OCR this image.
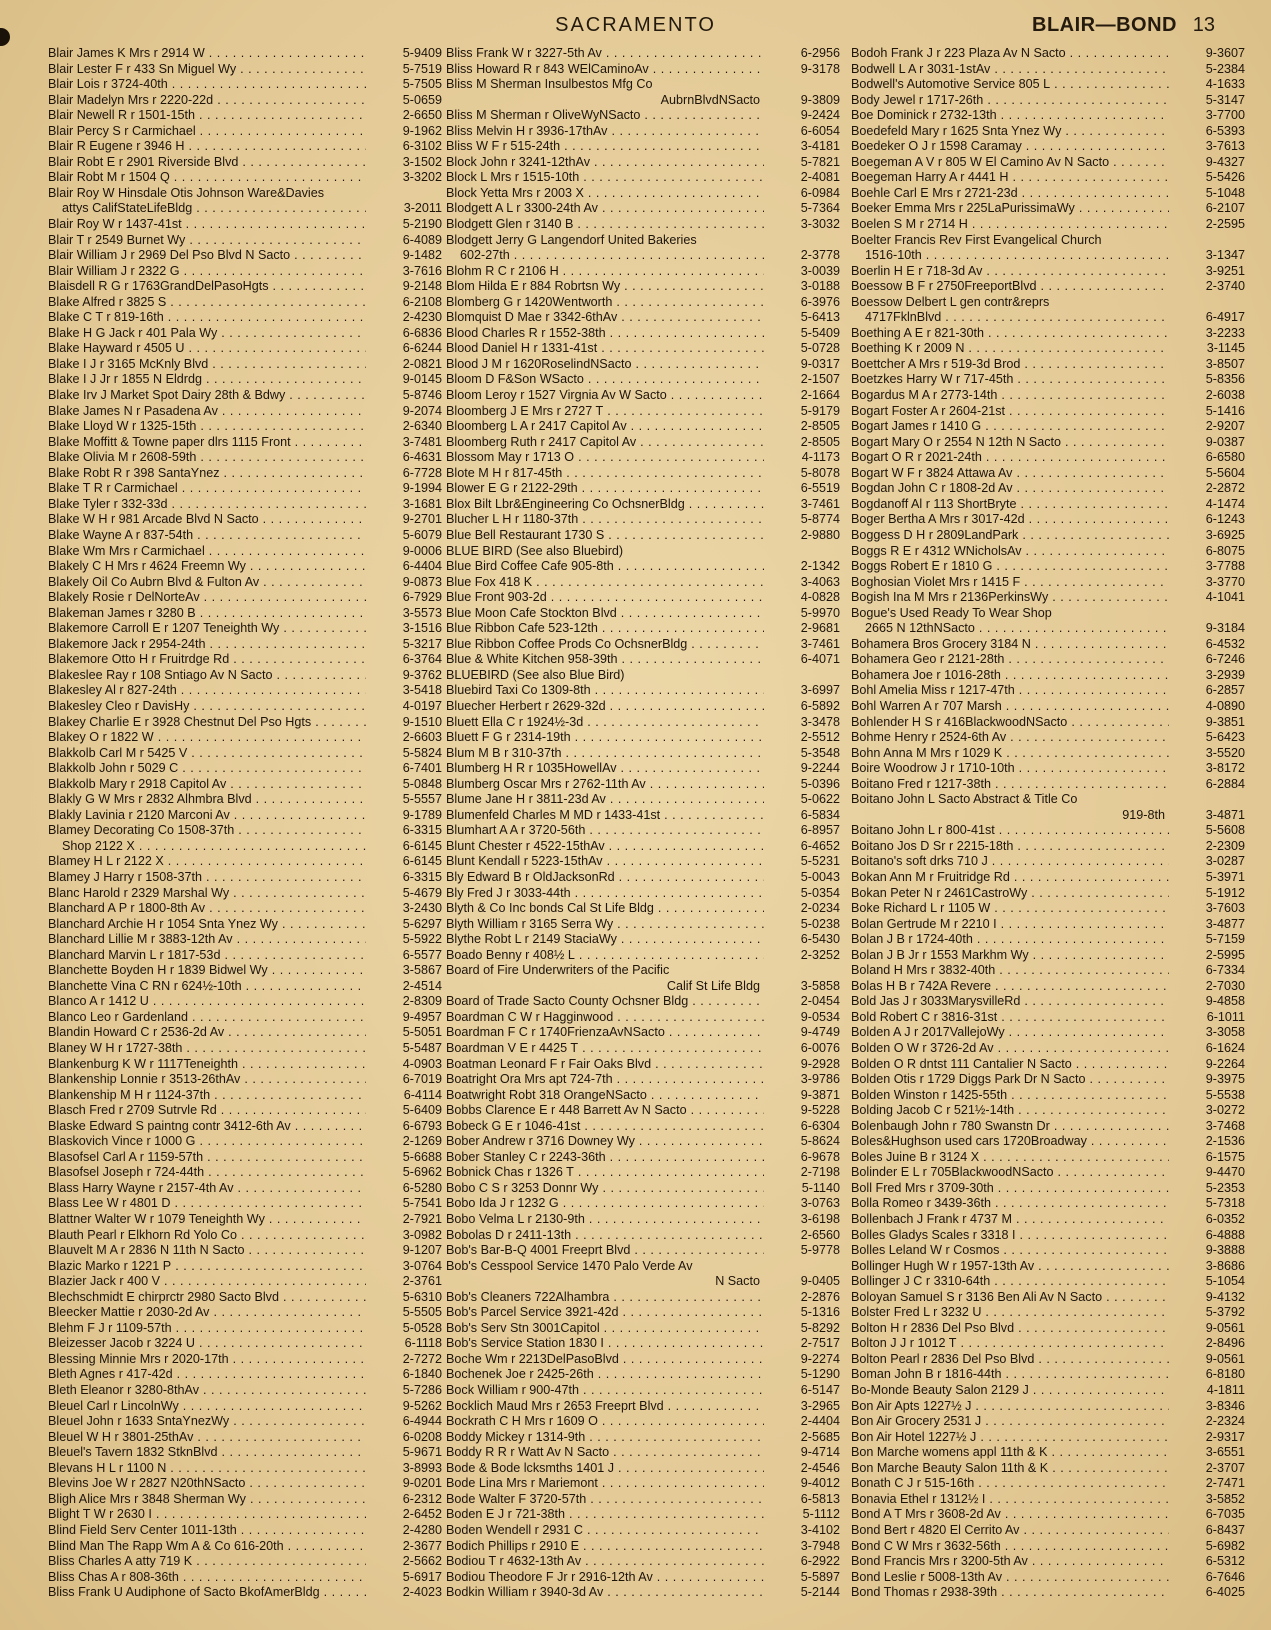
SACRAMENTO	BLAIR—BOND 13
Blair James K Mrs r 2914 W . . .	5-9409
Blair Lester F r 433 Sn Miguel Wy . . .	5-7519
Blair Lois r 3724-40th . . .	5-7505
Blair Madelyn Mrs r 2220-22d . . .	5-0659
Blair Newell R r 1501-15th . . .	2-6650
Blair Percy S r Carmichael . . .	9-1962
Blair R Eugene r 3946 H . . .	6-3102
Blair Robt E r 2901 Riverside Blvd . . .	3-1502
Blair Robt M r 1504 Q . . .	3-3202
Blair Roy W Hinsdale Otis Johnson Ware&Davies
attys CalifStateLifeBldg . . .	3-2011
Blair Roy W r 1437-41st . . .	5-2190
Blair T r 2549 Burnet Wy . . .	6-4089
Blair William J r 2969 Del Pso Blvd N Sacto . . .	9-1482
Blair William J r 2322 G . . .	3-7616
Blaisdell R G r 1763GrandDelPasoHgts . . .	9-2148
Blake Alfred r 3825 S . . .	6-2108
Blake C T r 819-16th . . .	2-4230
Blake H G Jack r 401 Pala Wy . . .	6-6836
Blake Hayward r 4505 U . . .	6-6244
Blake I J r 3165 McKnly Blvd . . .	2-0821
Blake I J Jr r 1855 N Eldrdg . . .	9-0145
Blake Irv J Market Spot Dairy 28th & Bdwy . . .	5-8746
Blake James N r Pasadena Av . . .	9-2074
Blake Lloyd W r 1325-15th . . .	2-6340
Blake Moffitt & Towne paper dlrs 1115 Front . . .	3-7481
Blake Olivia M r 2608-59th . . .	6-4631
Blake Robt R r 398 SantaYnez . . .	6-7728
Blake T R r Carmichael . . .	9-1994
Blake Tyler r 332-33d . . .	3-1681
Blake W H r 981 Arcade Blvd N Sacto . . .	9-2701
Blake Wayne A r 837-54th . . .	5-6079
Blake Wm Mrs r Carmichael . . .	9-0006
Blakely C H Mrs r 4624 Freemn Wy . . .	6-4404
Blakely Oil Co Aubrn Blvd & Fulton Av . . .	9-0873
Blakely Rosie r DelNorteAv . . .	6-7929
Blakeman James r 3280 B . . .	3-5573
Blakemore Carroll E r 1207 Teneighth Wy . . .	3-1516
Blakemore Jack r 2954-24th . . .	5-3217
Blakemore Otto H r Fruitrdge Rd . . .	6-3764
Blakeslee Ray r 108 Sntiago Av N Sacto . . .	9-3762
Blakesley Al r 827-24th . . .	3-5418
Blakesley Cleo r DavisHy . . .	4-0197
Blakey Charlie E r 3928 Chestnut Del Pso Hgts . . .	9-1510
Blakey O r 1822 W . . .	2-6603
Blakkolb Carl M r 5425 V . . .	5-5824
Blakkolb John r 5029 C . . .	6-7401
Blakkolb Mary r 2918 Capitol Av . . .	5-0848
Blakly G W Mrs r 2832 Alhmbra Blvd . . .	5-5557
Blakly Lavinia r 2120 Marconi Av . . .	9-1789
Blamey Decorating Co 1508-37th . . .	6-3315
Shop 2122 X . . .	6-6145
Blamey H L r 2122 X . . .	6-6145
Blamey J Harry r 1508-37th . . .	6-3315
Blanc Harold r 2329 Marshal Wy . . .	5-4679
Blanchard A P r 1800-8th Av . . .	3-2430
Blanchard Archie H r 1054 Snta Ynez Wy . . .	5-6297
Blanchard Lillie M r 3883-12th Av . . .	5-5922
Blanchard Marvin L r 1817-53d . . .	6-5577
Blanchette Boyden H r 1839 Bidwel Wy . . .	3-5867
Blanchette Vina C RN r 624½-10th . . .	2-4514
Blanco A r 1412 U . . .	2-8309
Blanco Leo r Gardenland . . .	9-4957
Blandin Howard C r 2536-2d Av . . .	5-5051
Blaney W H r 1727-38th . . .	5-5487
Blankenburg K W r 1117Teneighth . . .	4-0903
Blankenship Lonnie r 3513-26thAv . . .	6-7019
Blankenship M H r 1124-37th . . .	6-4114
Blasch Fred r 2709 Sutrvle Rd . . .	5-6409
Blaske Edward S paintng contr 3412-6th Av . . .	6-6793
Blaskovich Vince r 1000 G . . .	2-1269
Blasofsel Carl A r 1159-57th . . .	5-6688
Blasofsel Joseph r 724-44th . . .	5-6962
Blass Harry Wayne r 2157-4th Av . . .	6-5280
Blass Lee W r 4801 D . . .	5-7541
Blattner Walter W r 1079 Teneighth Wy . . .	2-7921
Blauth Pearl r Elkhorn Rd Yolo Co . . .	3-0982
Blauvelt M A r 2836 N 11th N Sacto . . .	9-1207
Blazic Marko r 1221 P . . .	3-0764
Blazier Jack r 400 V . . .	2-3761
Blechschmidt E chirprctr 2980 Sacto Blvd . . .	5-6310
Bleecker Mattie r 2030-2d Av . . .	5-5505
Blehm F J r 1109-57th . . .	5-0528
Bleizesser Jacob r 3224 U . . .	6-1118
Blessing Minnie Mrs r 2020-17th . . .	2-7272
Bleth Agnes r 417-42d . . .	6-1840
Bleth Eleanor r 3280-8thAv . . .	5-7286
Bleuel Carl r LincolnWy . . .	9-5262
Bleuel John r 1633 SntaYnezWy . . .	6-4944
Bleuel W H r 3801-25thAv . . .	6-0208
Bleuel's Tavern 1832 StknBlvd . . .	5-9671
Blevans H L r 1100 N . . .	3-8993
Blevins Joe W r 2827 N20thNSacto . . .	9-0201
Bligh Alice Mrs r 3848 Sherman Wy . . .	6-2312
Blight T W r 2630 I . . .	2-6452
Blind Field Serv Center 1011-13th . . .	2-4280
Blind Man The Rapp Wm A & Co 616-20th . . .	2-3677
Bliss Charles A atty 719 K . . .	2-5662
Bliss Chas A r 808-36th . . .	5-6917
Bliss Frank U Audiphone of Sacto BkofAmerBldg . . .	2-4023
Bliss Frank W r 3227-5th Av . . .	6-2956
Bliss Howard R r 843 WElCaminoAv . . .	9-3178
Bliss M Sherman Insulbestos Mfg Co
AubrnBlvdNSacto	9-3809
Bliss M Sherman r OliveWyNSacto . . .	9-2424
Bliss Melvin H r 3936-17thAv . . .	6-6054
Bliss W F r 515-24th . . .	3-4181
Block John r 3241-12thAv . . .	5-7821
Block L Mrs r 1515-10th . . .	2-4081
Block Yetta Mrs r 2003 X . . .	6-0984
Blodgett A L r 3300-24th Av . . .	5-7364
Blodgett Glen r 3140 B . . .	3-3032
Blodgett Jerry G Langendorf United Bakeries
602-27th . . .	2-3778
Blohm R C r 2106 H . . .	3-0039
Blom Hilda E r 884 Robrtsn Wy . . .	3-0188
Blomberg G r 1420Wentworth . . .	6-3976
Blomquist D Mae r 3342-6thAv . . .	5-6413
Blood Charles R r 1552-38th . . .	5-5409
Blood Daniel H r 1331-41st . . .	5-0728
Blood J M r 1620RoselindNSacto . . .	9-0317
Bloom D F&Son WSacto . . .	2-1507
Bloom Leroy r 1527 Virgnia Av W Sacto . . .	2-1664
Bloomberg J E Mrs r 2727 T . . .	5-9179
Bloomberg L A r 2417 Capitol Av . . .	2-8505
Bloomberg Ruth r 2417 Capitol Av . . .	2-8505
Blossom May r 1713 O . . .	4-1173
Blote M H r 817-45th . . .	5-8078
Blower E G r 2122-29th . . .	6-5519
Blox Bilt Lbr&Engineering Co OchsnerBldg . . .	3-7461
Blucher L H r 1180-37th . . .	5-8774
Blue Bell Restaurant 1730 S . . .	2-9880
BLUE BIRD (See also Bluebird)
Blue Bird Coffee Cafe 905-8th . . .	2-1342
Blue Fox 418 K . . .	3-4063
Blue Front 903-2d . . .	4-0828
Blue Moon Cafe Stockton Blvd . . .	5-9970
Blue Ribbon Cafe 523-12th . . .	2-9681
Blue Ribbon Coffee Prods Co OchsnerBldg . . .	3-7461
Blue & White Kitchen 958-39th . . .	6-4071
BLUEBIRD (See also Blue Bird)
Bluebird Taxi Co 1309-8th . . .	3-6997
Bluecher Herbert r 2629-32d . . .	6-5892
Bluett Ella C r 1924½-3d . . .	3-3478
Bluett F G r 2314-19th . . .	2-5512
Blum M B r 310-37th . . .	5-3548
Blumberg H R r 1035HowellAv . . .	9-2244
Blumberg Oscar Mrs r 2762-11th Av . . .	5-0396
Blume Jane H r 3811-23d Av . . .	5-0622
Blumenfeld Charles M MD r 1433-41st . . .	6-5834
Blumhart A A r 3720-56th . . .	6-8957
Blunt Chester r 4522-15thAv . . .	6-4652
Blunt Kendall r 5223-15thAv . . .	5-5231
Bly Edward B r OldJacksonRd . . .	5-0043
Bly Fred J r 3033-44th . . .	5-0354
Blyth & Co Inc bonds Cal St Life Bldg . . .	2-0234
Blyth William r 3165 Serra Wy . . .	5-0238
Blythe Robt L r 2149 StaciaWy . . .	6-5430
Boado Benny r 408½ L . . .	2-3252
Board of Fire Underwriters of the Pacific
Calif St Life Bldg	3-5858
Board of Trade Sacto County Ochsner Bldg . . .	2-0454
Boardman C W r Hagginwood . . .	9-0534
Boardman F C r 1740FrienzaAvNSacto . . .	9-4749
Boardman V E r 4425 T . . .	6-0076
Boatman Leonard F r Fair Oaks Blvd . . .	9-2928
Boatright Ora Mrs apt 724-7th . . .	3-9786
Boatwright Robt 318 OrangeNSacto . . .	9-3871
Bobbs Clarence E r 448 Barrett Av N Sacto . . .	9-5228
Bobeck G E r 1046-41st . . .	6-6304
Bober Andrew r 3716 Downey Wy . . .	5-8624
Bober Stanley C r 2243-36th . . .	6-9678
Bobnick Chas r 1326 T . . .	2-7198
Bobo C S r 3253 Donnr Wy . . .	5-1140
Bobo Ida J r 1232 G . . .	3-0763
Bobo Velma L r 2130-9th . . .	3-6198
Bobolas D r 2411-13th . . .	2-6560
Bob's Bar-B-Q 4001 Freeprt Blvd . . .	5-9778
Bob's Cesspool Service 1470 Palo Verde Av
N Sacto	9-0405
Bob's Cleaners 722Alhambra . . .	2-2876
Bob's Parcel Service 3921-42d . . .	5-1316
Bob's Serv Stn 3001Capitol . . .	5-8292
Bob's Service Station 1830 I . . .	2-7517
Boche Wm r 2213DelPasoBlvd . . .	9-2274
Bochenek Joe r 2425-26th . . .	5-1290
Bock William r 900-47th . . .	6-5147
Bocklich Maud Mrs r 2653 Freeprt Blvd . . .	3-2965
Bockrath C H Mrs r 1609 O . . .	2-4404
Boddy Mickey r 1314-9th . . .	2-5685
Boddy R R r Watt Av N Sacto . . .	9-4714
Bode & Bode lcksmths 1401 J . . .	2-4546
Bode Lina Mrs r Mariemont . . .	9-4012
Bode Walter F 3720-57th . . .	6-5813
Boden E J r 721-38th . . .	5-1112
Boden Wendell r 2931 C . . .	3-4102
Bodich Phillips r 2910 E . . .	3-7948
Bodiou T r 4632-13th Av . . .	6-2922
Bodiou Theodore F Jr r 2916-12th Av . . .	5-5897
Bodkin William r 3940-3d Av . . .	5-2144
Bodoh Frank J r 223 Plaza Av N Sacto . . .	9-3607
Bodwell L A r 3031-1stAv . . .	5-2384
Bodwell's Automotive Service 805 L . . .	4-1633
Body Jewel r 1717-26th . . .	5-3147
Boe Dominick r 2732-13th . . .	3-7700
Boedefeld Mary r 1625 Snta Ynez Wy . . .	6-5393
Boedeker O J r 1598 Caramay . . .	3-7613
Boegeman A V r 805 W El Camino Av N Sacto . . .	9-4327
Boegeman Harry A r 4441 H . . .	5-5426
Boehle Carl E Mrs r 2721-23d . . .	5-1048
Boeker Emma Mrs r 225LaPurissimaWy . . .	6-2107
Boelen S M r 2714 H . . .	2-2595
Boelter Francis Rev First Evangelical Church
1516-10th . . .	3-1347
Boerlin H E r 718-3d Av . . .	3-9251
Boessow B F r 2750FreeportBlvd . . .	2-3740
Boessow Delbert L gen contr&reprs
4717FklnBlvd . . .	6-4917
Boething A E r 821-30th . . .	3-2233
Boething K r 2009 N . . .	3-1145
Boettcher A Mrs r 519-3d Brod . . .	3-8507
Boetzkes Harry W r 717-45th . . .	5-8356
Bogardus M A r 2773-14th . . .	2-6038
Bogart Foster A r 2604-21st . . .	5-1416
Bogart James r 1410 G . . .	2-9207
Bogart Mary O r 2554 N 12th N Sacto . . .	9-0387
Bogart O R r 2021-24th . . .	6-6580
Bogart W F r 3824 Attawa Av . . .	5-5604
Bogdan John C r 1808-2d Av . . .	2-2872
Bogdanoff Al r 113 ShortBryte . . .	4-1474
Boger Bertha A Mrs r 3017-42d . . .	6-1243
Boggess D H r 2809LandPark . . .	3-6925
Boggs R E r 4312 WNicholsAv . . .	6-8075
Boggs Robert E r 1810 G . . .	3-7788
Boghosian Violet Mrs r 1415 F . . .	3-3770
Bogish Ina M Mrs r 2136PerkinsWy . . .	4-1041
Bogue's Used Ready To Wear Shop
2665 N 12thNSacto . . .	9-3184
Bohamera Bros Grocery 3184 N . . .	6-4532
Bohamera Geo r 2121-28th . . .	6-7246
Bohamera Joe r 1016-28th . . .	3-2939
Bohl Amelia Miss r 1217-47th . . .	6-2857
Bohl Warren A r 707 Marsh . . .	4-0890
Bohlender H S r 416BlackwoodNSacto . . .	9-3851
Bohme Henry r 2524-6th Av . . .	5-6423
Bohn Anna M Mrs r 1029 K . . .	3-5520
Boire Woodrow J r 1710-10th . . .	3-8172
Boitano Fred r 1217-38th . . .	6-2884
Boitano John L Sacto Abstract & Title Co
919-8th	3-4871
Boitano John L r 800-41st . . .	5-5608
Boitano Jos D Sr r 2215-18th . . .	2-2309
Boitano's soft drks 710 J . . .	3-0287
Bokan Ann M r Fruitridge Rd . . .	5-3971
Bokan Peter N r 2461CastroWy . . .	5-1912
Boke Richard L r 1105 W . . .	3-7603
Bolan Gertrude M r 2210 I . . .	3-4877
Bolan J B r 1724-40th . . .	5-7159
Bolan J B Jr r 1553 Markhm Wy . . .	2-5995
Boland H Mrs r 3832-40th . . .	6-7334
Bolas H B r 742A Revere . . .	2-7030
Bold Jas J r 3033MarysvilleRd . . .	9-4858
Bold Robert C r 3816-31st . . .	6-1011
Bolden A J r 2017VallejoWy . . .	3-3058
Bolden O W r 3726-2d Av . . .	6-1624
Bolden O R dntst 111 Cantalier N Sacto . . .	9-2264
Bolden Otis r 1729 Diggs Park Dr N Sacto . . .	9-3975
Bolden Winston r 1425-55th . . .	5-5538
Bolding Jacob C r 521½-14th . . .	3-0272
Bolenbaugh John r 780 Swanstn Dr . . .	3-7468
Boles&Hughson used cars 1720Broadway . . .	2-1536
Boles Juine B r 3124 X . . .	6-1575
Bolinder E L r 705BlackwoodNSacto . . .	9-4470
Boll Fred Mrs r 3709-30th . . .	5-2353
Bolla Romeo r 3439-36th . . .	5-7318
Bollenbach J Frank r 4737 M . . .	6-0352
Bolles Gladys Scales r 3318 I . . .	6-4888
Bolles Leland W r Cosmos . . .	9-3888
Bollinger Hugh W r 1957-13th Av . . .	3-8686
Bollinger J C r 3310-64th . . .	5-1054
Boloyan Samuel S r 3136 Ben Ali Av N Sacto . . .	9-4132
Bolster Fred L r 3232 U . . .	5-3792
Bolton H r 2836 Del Pso Blvd . . .	9-0561
Bolton J J r 1012 T . . .	2-8496
Bolton Pearl r 2836 Del Pso Blvd . . .	9-0561
Boman John B r 1816-44th . . .	6-8180
Bo-Monde Beauty Salon 2129 J . . .	4-1811
Bon Air Apts 1227½ J . . .	3-8346
Bon Air Grocery 2531 J . . .	2-2324
Bon Air Hotel 1227½ J . . .	2-9317
Bon Marche womens appl 11th & K . . .	3-6551
Bon Marche Beauty Salon 11th & K . . .	2-3707
Bonath C J r 515-16th . . .	2-7471
Bonavia Ethel r 1312½ I . . .	3-5852
Bond A T Mrs r 3608-2d Av . . .	6-7035
Bond Bert r 4820 El Cerrito Av . . .	6-8437
Bond C W Mrs r 3632-56th . . .	5-6982
Bond Francis Mrs r 3200-5th Av . . .	6-5312
Bond Leslie r 5008-13th Av . . .	6-7646
Bond Thomas r 2938-39th . . .	6-4025
